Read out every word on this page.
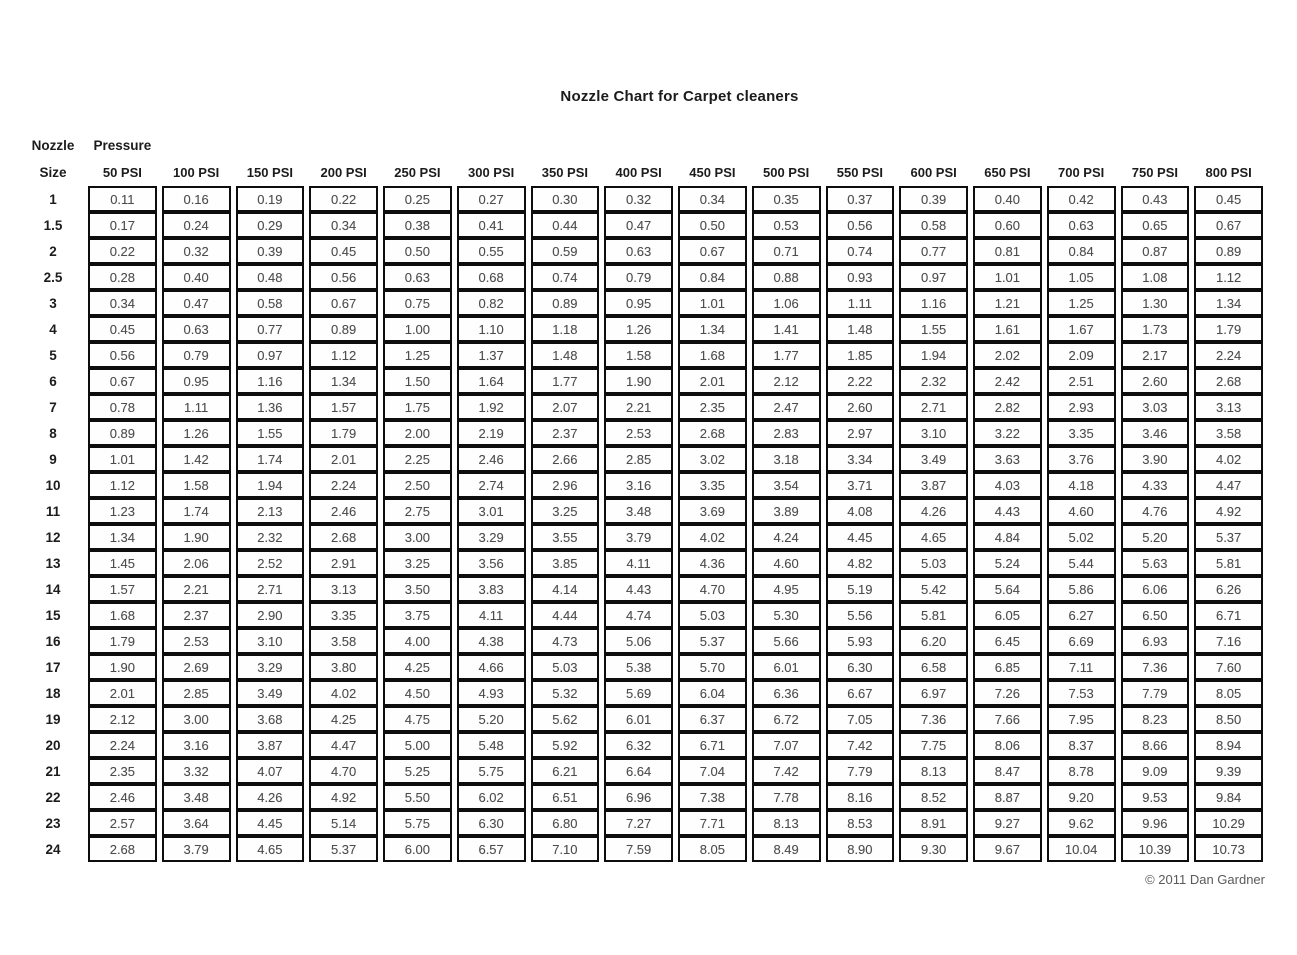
Nozzle Chart for Carpet cleaners
Nozzle	Pressure
Size	50 PSI	100 PSI	150 PSI	200 PSI	250 PSI	300 PSI	350 PSI	400 PSI	450 PSI	500 PSI	550 PSI	600 PSI	650 PSI	700 PSI	750 PSI	800 PSI
1	0.11	0.16	0.19	0.22	0.25	0.27	0.30	0.32	0.34	0.35	0.37	0.39	0.40	0.42	0.43	0.45
1.5	0.17	0.24	0.29	0.34	0.38	0.41	0.44	0.47	0.50	0.53	0.56	0.58	0.60	0.63	0.65	0.67
2	0.22	0.32	0.39	0.45	0.50	0.55	0.59	0.63	0.67	0.71	0.74	0.77	0.81	0.84	0.87	0.89
2.5	0.28	0.40	0.48	0.56	0.63	0.68	0.74	0.79	0.84	0.88	0.93	0.97	1.01	1.05	1.08	1.12
3	0.34	0.47	0.58	0.67	0.75	0.82	0.89	0.95	1.01	1.06	1.11	1.16	1.21	1.25	1.30	1.34
4	0.45	0.63	0.77	0.89	1.00	1.10	1.18	1.26	1.34	1.41	1.48	1.55	1.61	1.67	1.73	1.79
5	0.56	0.79	0.97	1.12	1.25	1.37	1.48	1.58	1.68	1.77	1.85	1.94	2.02	2.09	2.17	2.24
6	0.67	0.95	1.16	1.34	1.50	1.64	1.77	1.90	2.01	2.12	2.22	2.32	2.42	2.51	2.60	2.68
7	0.78	1.11	1.36	1.57	1.75	1.92	2.07	2.21	2.35	2.47	2.60	2.71	2.82	2.93	3.03	3.13
8	0.89	1.26	1.55	1.79	2.00	2.19	2.37	2.53	2.68	2.83	2.97	3.10	3.22	3.35	3.46	3.58
9	1.01	1.42	1.74	2.01	2.25	2.46	2.66	2.85	3.02	3.18	3.34	3.49	3.63	3.76	3.90	4.02
10	1.12	1.58	1.94	2.24	2.50	2.74	2.96	3.16	3.35	3.54	3.71	3.87	4.03	4.18	4.33	4.47
11	1.23	1.74	2.13	2.46	2.75	3.01	3.25	3.48	3.69	3.89	4.08	4.26	4.43	4.60	4.76	4.92
12	1.34	1.90	2.32	2.68	3.00	3.29	3.55	3.79	4.02	4.24	4.45	4.65	4.84	5.02	5.20	5.37
13	1.45	2.06	2.52	2.91	3.25	3.56	3.85	4.11	4.36	4.60	4.82	5.03	5.24	5.44	5.63	5.81
14	1.57	2.21	2.71	3.13	3.50	3.83	4.14	4.43	4.70	4.95	5.19	5.42	5.64	5.86	6.06	6.26
15	1.68	2.37	2.90	3.35	3.75	4.11	4.44	4.74	5.03	5.30	5.56	5.81	6.05	6.27	6.50	6.71
16	1.79	2.53	3.10	3.58	4.00	4.38	4.73	5.06	5.37	5.66	5.93	6.20	6.45	6.69	6.93	7.16
17	1.90	2.69	3.29	3.80	4.25	4.66	5.03	5.38	5.70	6.01	6.30	6.58	6.85	7.11	7.36	7.60
18	2.01	2.85	3.49	4.02	4.50	4.93	5.32	5.69	6.04	6.36	6.67	6.97	7.26	7.53	7.79	8.05
19	2.12	3.00	3.68	4.25	4.75	5.20	5.62	6.01	6.37	6.72	7.05	7.36	7.66	7.95	8.23	8.50
20	2.24	3.16	3.87	4.47	5.00	5.48	5.92	6.32	6.71	7.07	7.42	7.75	8.06	8.37	8.66	8.94
21	2.35	3.32	4.07	4.70	5.25	5.75	6.21	6.64	7.04	7.42	7.79	8.13	8.47	8.78	9.09	9.39
22	2.46	3.48	4.26	4.92	5.50	6.02	6.51	6.96	7.38	7.78	8.16	8.52	8.87	9.20	9.53	9.84
23	2.57	3.64	4.45	5.14	5.75	6.30	6.80	7.27	7.71	8.13	8.53	8.91	9.27	9.62	9.96	10.29
24	2.68	3.79	4.65	5.37	6.00	6.57	7.10	7.59	8.05	8.49	8.90	9.30	9.67	10.04	10.39	10.73
© 2011 Dan Gardner
